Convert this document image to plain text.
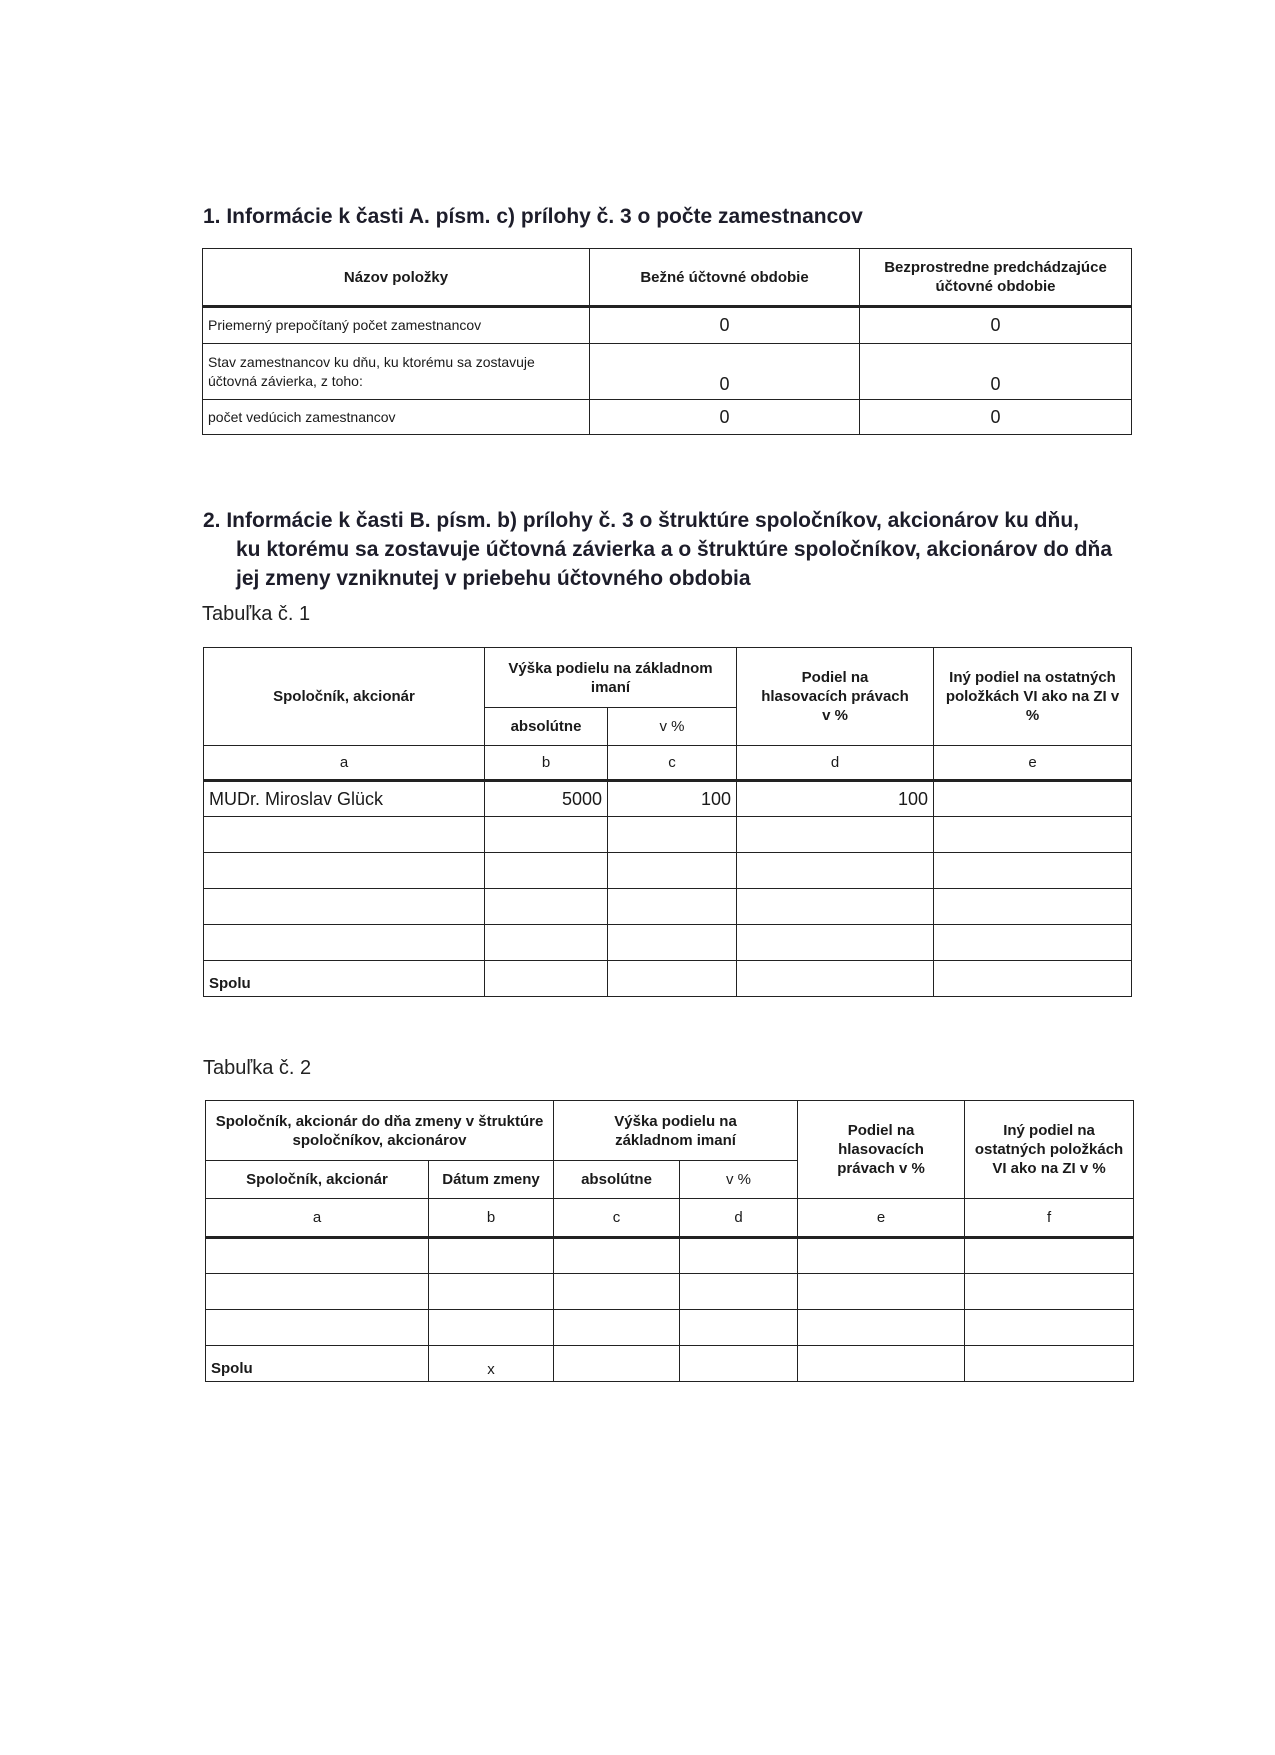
1. Informácie k časti A. písm. c) prílohy č. 3 o počte zamestnancov
Názov položky	Bežné účtovné obdobie	Bezprostredne predchádzajúce účtovné obdobie
Priemerný prepočítaný počet zamestnancov	0	0
Stav zamestnancov ku dňu, ku ktorému sa zostavuje účtovná závierka, z toho:	0	0
počet vedúcich zamestnancov	0	0
2. Informácie k časti B. písm. b) prílohy č. 3 o štruktúre spoločníkov, akcionárov ku dňu,
ku ktorému sa zostavuje účtovná závierka a o štruktúre spoločníkov, akcionárov do dňa
jej zmeny vzniknutej v priebehu účtovného obdobia
Tabuľka č. 1
Spoločník, akcionár	Výška podielu na základnom imaní		Podiel na hlasovacích právach v %	Iný podiel na ostatných položkách VI ako na ZI v %
	absolútne	v %		
a	b	c	d	e
MUDr. Miroslav Glück	5000	100	100	

Spolu				
Tabuľka č. 2
Spoločník, akcionár do dňa zmeny v štruktúre spoločníkov, akcionárov		Výška podielu na základnom imaní		Podiel na hlasovacích právach v %	Iný podiel na ostatných položkách VI ako na ZI v %
Spoločník, akcionár	Dátum zmeny	absolútne	v %		
a	b	c	d	e	f

Spolu	x				
